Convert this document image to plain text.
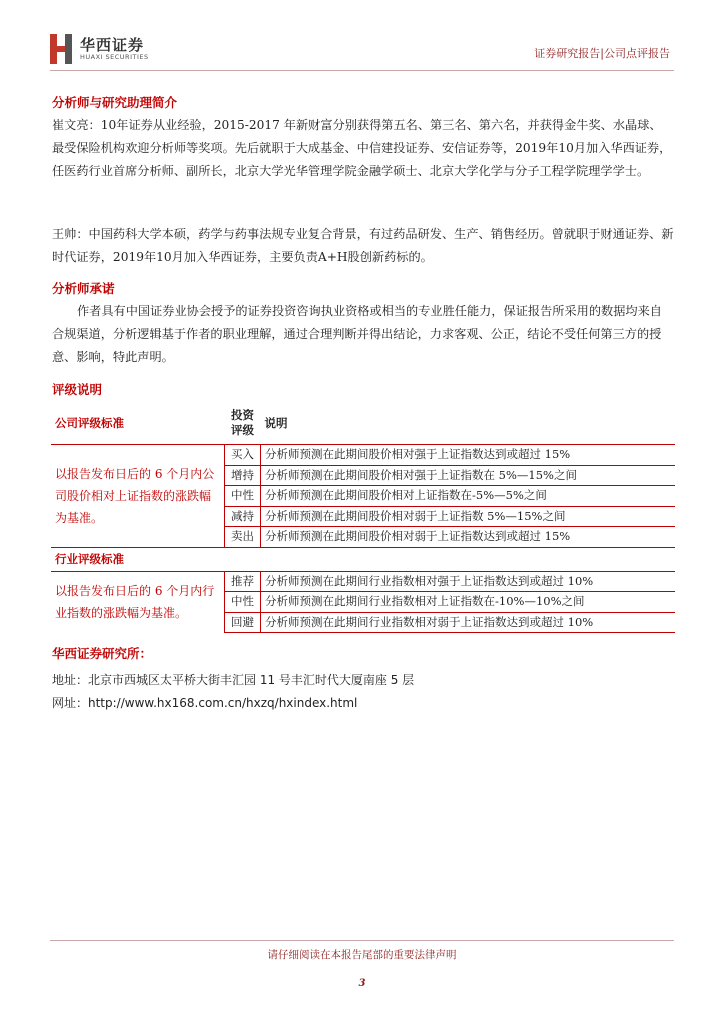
华西证券
HUAXI SECURITIES	证券研究报告|公司点评报告
分析师与研究助理简介

崔文亮：10年证券从业经验，2015-2017 年新财富分别获得第五名、第三名、第六名，并获得金牛奖、水晶球、 最受保险机构欢迎分析师等奖项。先后就职于大成基金、中信建投证券、安信证券等，2019年10月加入华西证券，任医药行业首席分析师、副所长，北京大学光华管理学院金融学硕士、北京大学化学与分子工程学院理学学士。

王帅：中国药科大学本硕，药学与药事法规专业复合背景，有过药品研发、生产、销售经历。曾就职于财通证券、新时代证券，2019年10月加入华西证券，主要负责A+H股创新药标的。

分析师承诺

作者具有中国证券业协会授予的证券投资咨询执业资格或相当的专业胜任能力，保证报告所采用的数据均来自合规渠道，分析逻辑基于作者的职业理解，通过合理判断并得出结论，力求客观、公正，结论不受任何第三方的授意、影响，特此声明。

评级说明
公司评级标准	投资评级	说明
以报告发布日后的 6 个月内公司股价相对上证指数的涨跌幅为基准。	买入	分析师预测在此期间股价相对强于上证指数达到或超过 15%
	增持	分析师预测在此期间股价相对强于上证指数在 5%—15%之间
	中性	分析师预测在此期间股价相对上证指数在-5%—5%之间
	减持	分析师预测在此期间股价相对弱于上证指数 5%—15%之间
	卖出	分析师预测在此期间股价相对弱于上证指数达到或超过 15%
行业评级标准		
以报告发布日后的 6 个月内行业指数的涨跌幅为基准。	推荐	分析师预测在此期间行业指数相对强于上证指数达到或超过 10%
	中性	分析师预测在此期间行业指数相对上证指数在-10%—10%之间
	回避	分析师预测在此期间行业指数相对弱于上证指数达到或超过 10%
华西证券研究所：
地址：北京市西城区太平桥大街丰汇园 11 号丰汇时代大厦南座 5 层
网址：http://www.hx168.com.cn/hxzq/hxindex.html
请仔细阅读在本报告尾部的重要法律声明
3
